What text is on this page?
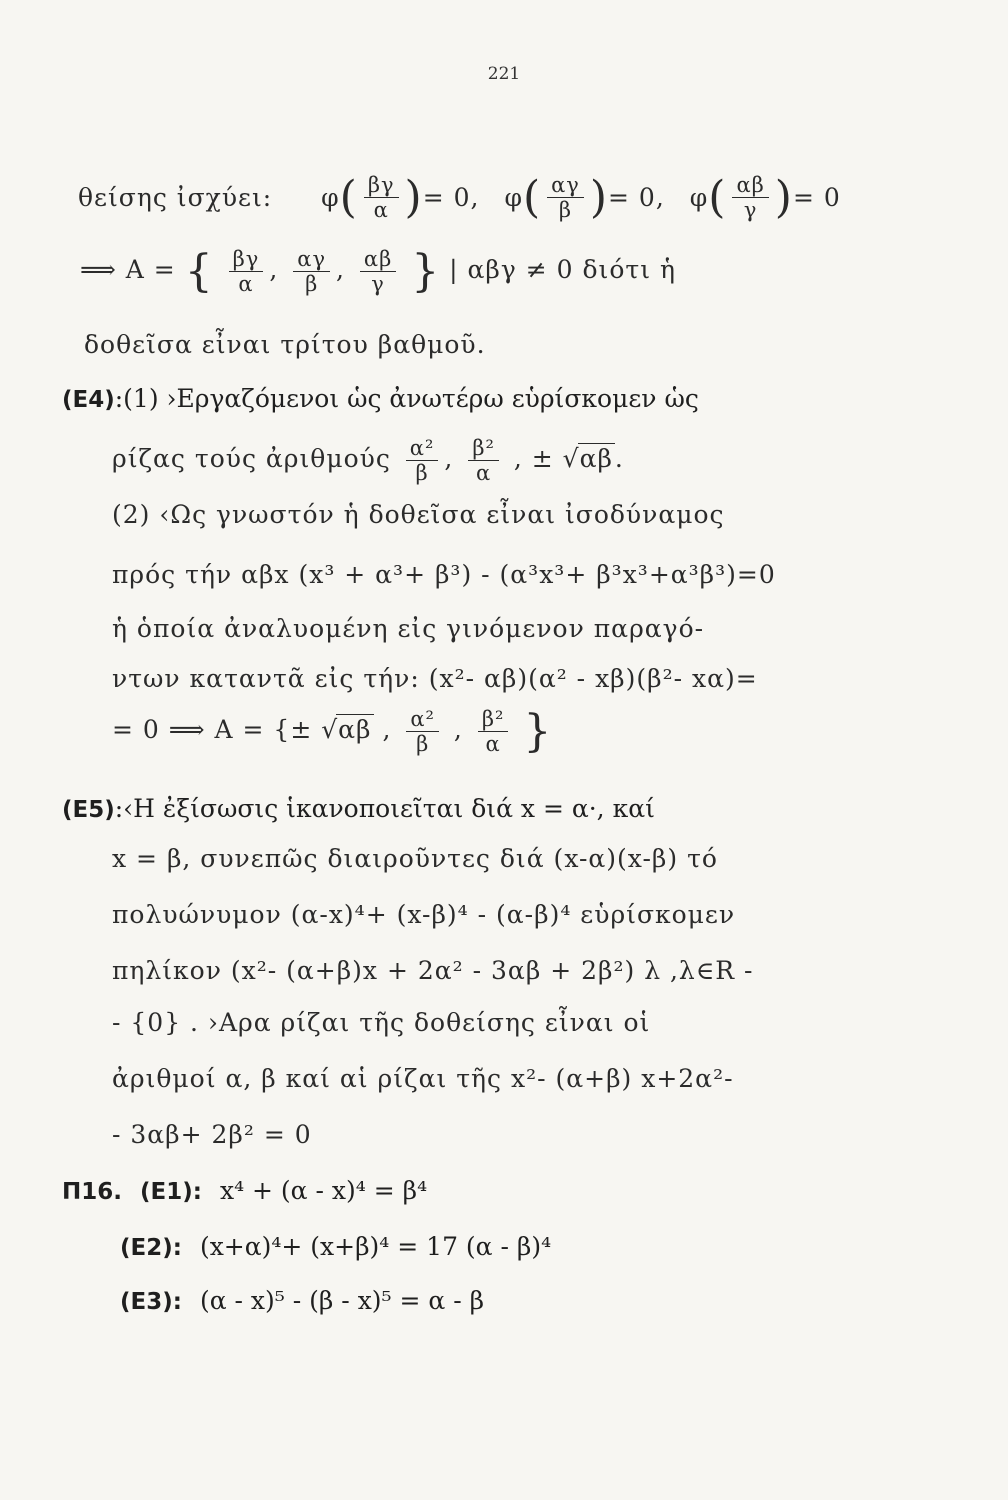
221
θείσης ἰσχύει: φ ( $\frac{\beta\gamma}{\alpha}$ ) = 0 ,
φ ( $\frac{\alpha\gamma}{\beta}$ ) = 0 ,
φ ( $\frac{\alpha\beta}{\gamma}$ ) = 0
⟹ A = { $\frac{\beta\gamma}{\alpha}$ , $\frac{\alpha\gamma}{\beta}$ , $\frac{\alpha\beta}{\gamma}$ } | αβγ ≠ 0 διότι ἡ
δοθεῖσα εἶναι τρίτου βαθμοῦ.
(E4):(1) ›Εργαζόμενοι ὡς ἀνωτέρω εὑρίσκομεν ὡς
ρίζας τούς ἀριθμούς $\frac{\text{α²}}{\beta}$ , $\frac{\text{β²}}{\alpha}$ , ± √αβ.
(2) ‹Ως γνωστόν ἡ δοθεῖσα εἶναι ἰσοδύναμος
πρός τήν αβx (x³ + α³+ β³) - (α³x³+ β³x³+α³β³)=0
ἡ ὁποία ἀναλυομένη εἰς γινόμενον παραγό-
ντων καταντᾶ εἰς τήν: (x²- αβ)(α² - xβ)(β²- xα)=
= 0 ⟹ A = {± √αβ , $\frac{\text{α²}}{\beta}$ , $\frac{\text{β²}}{\alpha}$ }
(E5):‹Η ἐξίσωσις ἱκανοποιεῖται διά x = α·, καί
x = β, συνεπῶς διαιροῦντες διά (x-α)(x-β) τό
πολυώνυμον (α-x)⁴+ (x-β)⁴ - (α-β)⁴ εὑρίσκομεν
πηλίκον (x²- (α+β)x + 2α² - 3αβ + 2β²) λ ,λ∈R -
- {0} . ›Αρα ρίζαι τῆς δοθείσης εἶναι οἱ
ἀριθμοί α, β καί αἱ ρίζαι τῆς x²- (α+β) x+2α²-
- 3αβ+ 2β² = 0
Π16. (E1): x⁴ + (α - x)⁴ = β⁴
(E2): (x+α)⁴+ (x+β)⁴ = 17 (α - β)⁴
(E3): (α - x)⁵ - (β - x)⁵ = α - β
